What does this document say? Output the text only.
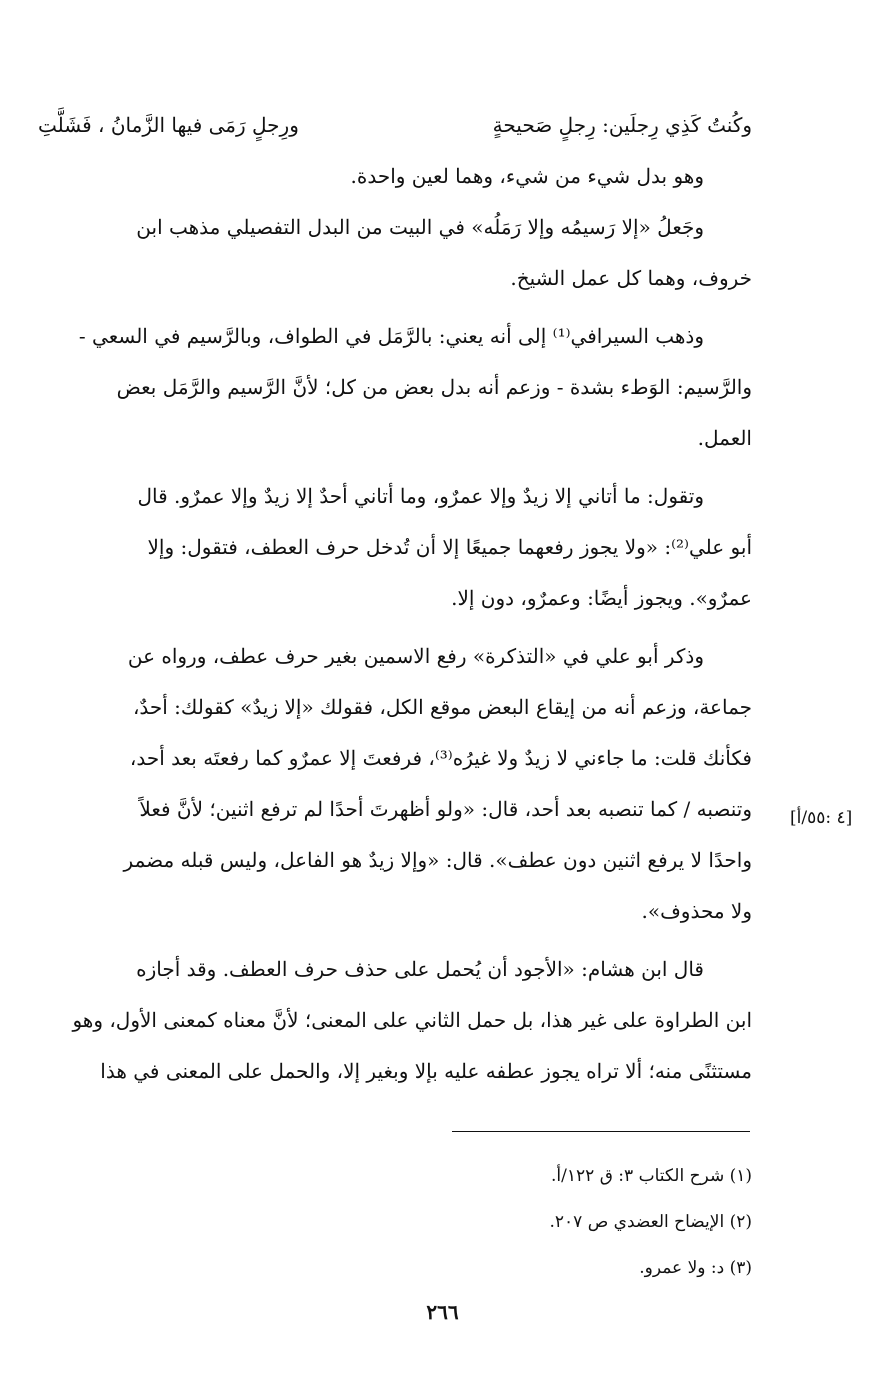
وكُنتُ كَذِي رِجلَين: رِجلٍ صَحيحةٍ
ورِجلٍ رَمَى فيها الزَّمانُ ، فَشَلَّتِ
وهو بدل شيء من شيء، وهما لعين واحدة.
وجَعلُ «إلا رَسيمُه وإلا رَمَلُه» في البيت من البدل التفصيلي مذهب ابن
خروف، وهما كل عمل الشيخ.
وذهب السيرافي⁽¹⁾ إلى أنه يعني: بالرَّمَل في الطواف، وبالرَّسيم في السعي -
والرَّسيم: الوَطء بشدة - وزعم أنه بدل بعض من كل؛ لأنَّ الرَّسيم والرَّمَل بعض
العمل.
وتقول: ما أتاني إلا زيدٌ وإلا عمرٌو، وما أتاني أحدٌ إلا زيدٌ وإلا عمرٌو. قال
أبو علي⁽²⁾: «ولا يجوز رفعهما جميعًا إلا أن تُدخل حرف العطف، فتقول: وإلا
عمرٌو». ويجوز أيضًا: وعمرٌو، دون إلا.
وذكر أبو علي في «التذكرة» رفع الاسمين بغير حرف عطف، ورواه عن
جماعة، وزعم أنه من إيقاع البعض موقع الكل، فقولك «إلا زيدٌ» كقولك: أحدٌ،
فكأنك قلت: ما جاءني لا زيدٌ ولا غيرُه⁽³⁾، فرفعتَ إلا عمرٌو كما رفعتَه بعد أحد،
وتنصبه / كما تنصبه بعد أحد، قال: «ولو أظهرتَ أحدًا لم ترفع اثنين؛ لأنَّ فعلاً
واحدًا لا يرفع اثنين دون عطف». قال: «وإلا زيدٌ هو الفاعل، وليس قبله مضمر
ولا محذوف».
قال ابن هشام: «الأجود أن يُحمل على حذف حرف العطف. وقد أجازه
ابن الطراوة على غير هذا، بل حمل الثاني على المعنى؛ لأنَّ معناه كمعنى الأول، وهو
مستثنًى منه؛ ألا تراه يجوز عطفه عليه بإلا وبغير إلا، والحمل على المعنى في هذا
[٤ :٥٥/أ]
(١) شرح الكتاب ٣: ق ١٢٢/أ.
(٢) الإيضاح العضدي ص ٢٠٧.
(٣) د: ولا عمرو.
٢٦٦
